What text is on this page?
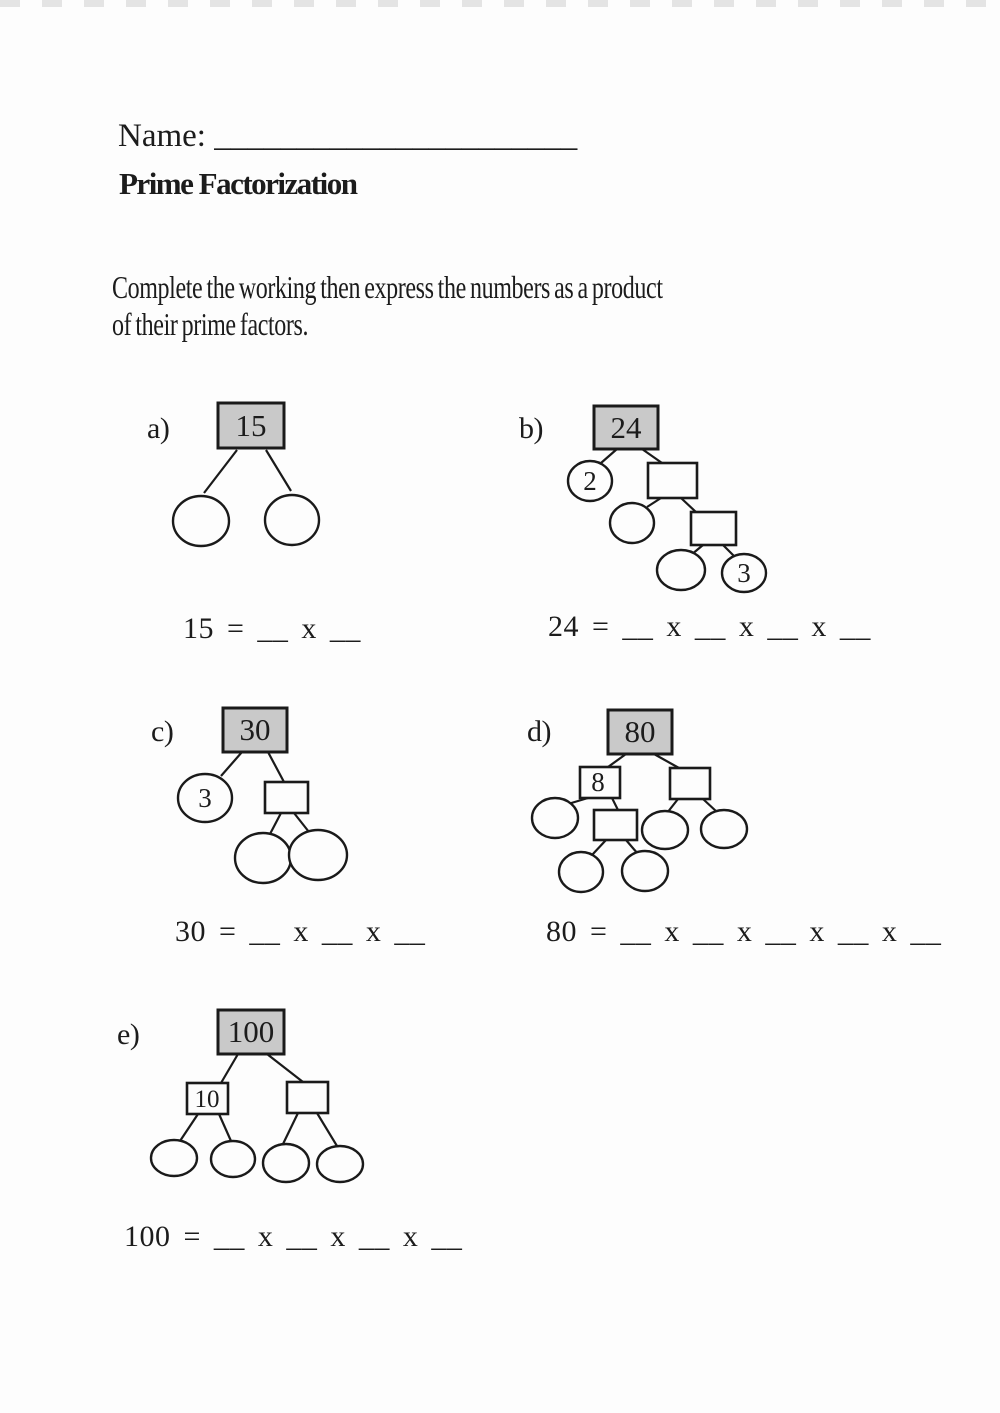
Name: ______________________
Prime Factorization

Complete the working then express the numbers as a product
of their prime factors.

a) 15
15 = __ x __
b) 24
2
3
24 = __ x __ x __ x __
c) 30
3
30 = __ x __ x __
d) 80
8
80 = __ x __ x __ x __ x __
e)	100
10
100 = __ x __ x __ x __
